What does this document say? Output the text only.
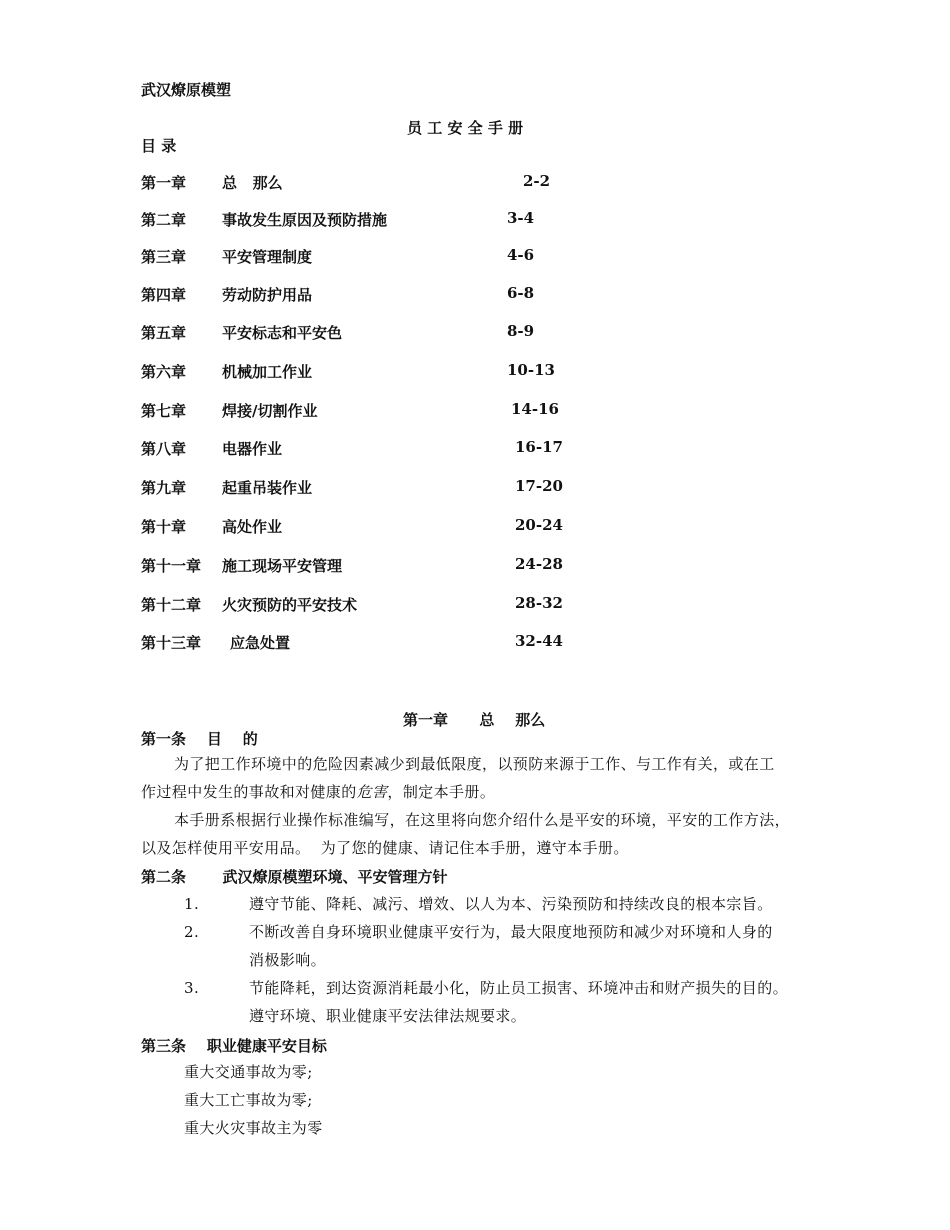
武汉燎原模塑
员 工 安 全 手 册
目 录
第一章 总   那么	2-2
第二章 事故发生原因及预防措施	3-4
第三章 平安管理制度	4-6
第四章 劳动防护用品	6-8
第五章 平安标志和平安色	8-9
第六章 机械加工作业	10-13
第七章 焊接/切割作业	14-16
第八章 电器作业	16-17
第九章 起重吊装作业	17-20
第十章 高处作业	20-24
第十一章 施工现场平安管理	24-28
第十二章 火灾预防的平安技术	28-32
第十三章 应急处置	32-44
第一章      总    那么
第一条    目    的
为了把工作环境中的危险因素减少到最低限度，以预防来源于工作、与工作有关，或在工
作过程中发生的事故和对健康的危害，制定本手册。
本手册系根据行业操作标准编写，在这里将向您介绍什么是平安的环境，平安的工作方法，
以及怎样使用平安用品。  为了您的健康、请记住本手册，遵守本手册。
第二条       武汉燎原模塑环境、平安管理方针
1.	遵守节能、降耗、减污、增效、以人为本、污染预防和持续改良的根本宗旨。
2.	不断改善自身环境职业健康平安行为，最大限度地预防和减少对环境和人身的
消极影响。
3.	节能降耗，到达资源消耗最小化，防止员工损害、环境冲击和财产损失的目的。
遵守环境、职业健康平安法律法规要求。
第三条    职业健康平安目标
重大交通事故为零;
重大工亡事故为零;
重大火灾事故主为零
